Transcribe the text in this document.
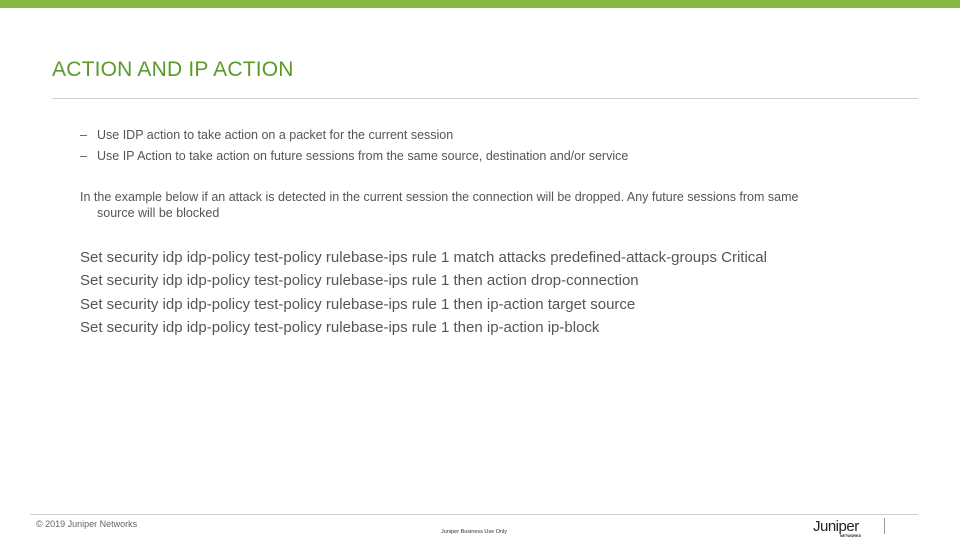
ACTION AND IP ACTION
– Use IDP action to take action on a packet for the current session
– Use IP Action to take action on future sessions from the same source, destination and/or service
In the example below if an attack is detected in the current session the connection will be dropped. Any future sessions from same
source will be blocked
Set security idp idp-policy test-policy rulebase-ips rule 1 match attacks predefined-attack-groups Critical
Set security idp idp-policy test-policy rulebase-ips rule 1 then action drop-connection
Set security idp idp-policy test-policy rulebase-ips rule 1 then ip-action target source
Set security idp idp-policy test-policy rulebase-ips rule 1 then ip-action ip-block
© 2019 Juniper Networks
Juniper Business Use Only	Juniper
NETWORKS
